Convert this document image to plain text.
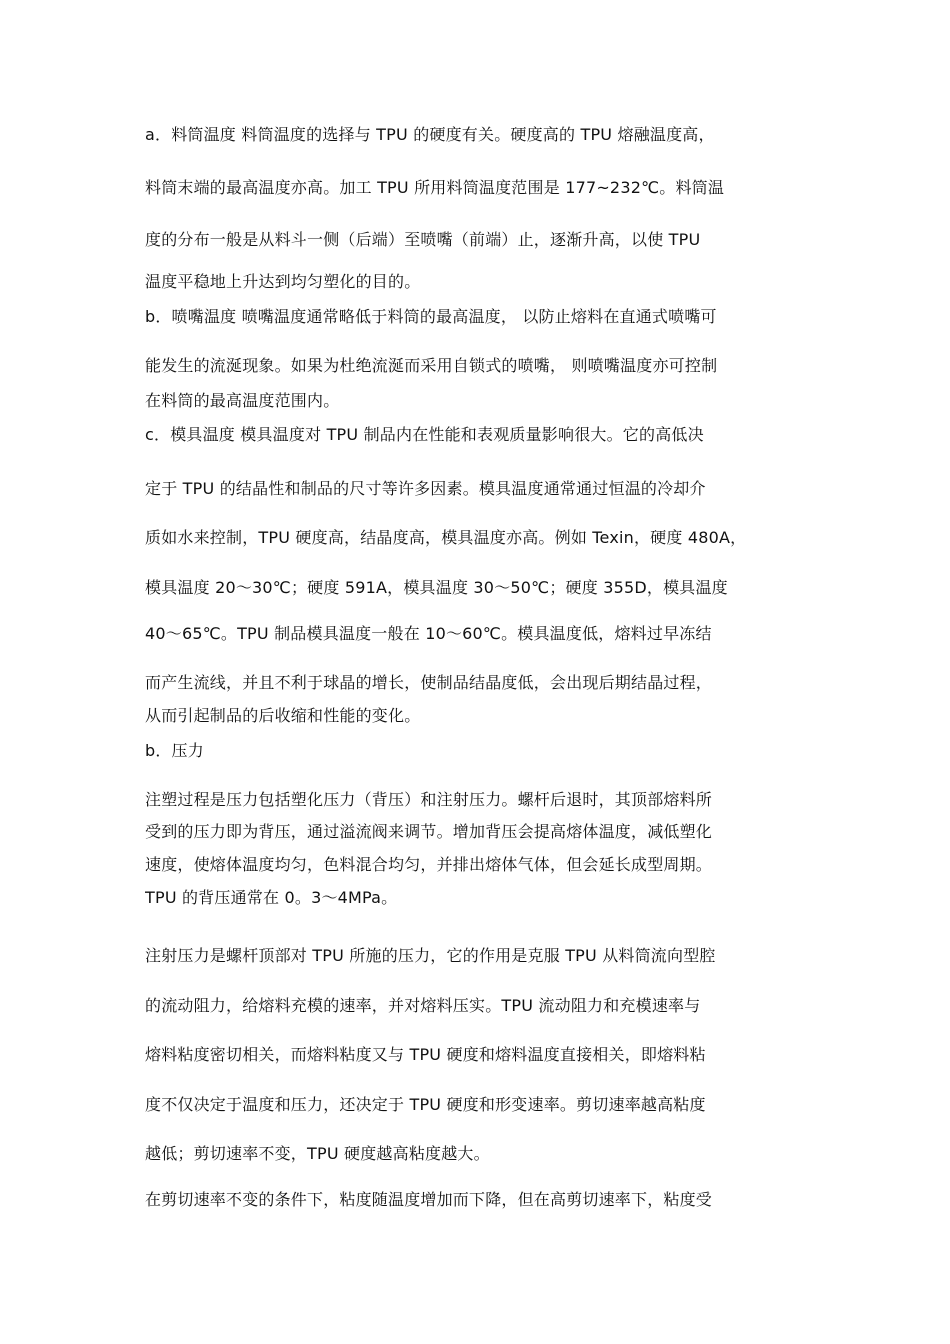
a．料筒温度 料筒温度的选择与 TPU 的硬度有关。硬度高的 TPU 熔融温度高，
料筒末端的最高温度亦高。加工 TPU 所用料筒温度范围是 177~232℃。料筒温
度的分布一般是从料斗一侧（后端）至喷嘴（前端）止，逐渐升高，以使 TPU
温度平稳地上升达到均匀塑化的目的。
b．喷嘴温度 喷嘴温度通常略低于料筒的最高温度， 以防止熔料在直通式喷嘴可
能发生的流涎现象。如果为杜绝流涎而采用自锁式的喷嘴， 则喷嘴温度亦可控制
在料筒的最高温度范围内。
c．模具温度 模具温度对 TPU 制品内在性能和表观质量影响很大。它的高低决
定于 TPU 的结晶性和制品的尺寸等许多因素。模具温度通常通过恒温的冷却介
质如水来控制，TPU 硬度高，结晶度高，模具温度亦高。例如 Texin，硬度 480A，
模具温度 20～30℃；硬度 591A，模具温度 30～50℃；硬度 355D，模具温度
40～65℃。TPU 制品模具温度一般在 10～60℃。模具温度低，熔料过早冻结
而产生流线，并且不利于球晶的增长，使制品结晶度低，会出现后期结晶过程，
从而引起制品的后收缩和性能的变化。
b．压力
注塑过程是压力包括塑化压力（背压）和注射压力。螺杆后退时，其顶部熔料所
受到的压力即为背压，通过溢流阀来调节。增加背压会提高熔体温度，减低塑化
速度，使熔体温度均匀，色料混合均匀，并排出熔体气体，但会延长成型周期。
TPU 的背压通常在 0。3～4MPa。
注射压力是螺杆顶部对 TPU 所施的压力，它的作用是克服 TPU 从料筒流向型腔
的流动阻力，给熔料充模的速率，并对熔料压实。TPU 流动阻力和充模速率与
熔料粘度密切相关，而熔料粘度又与 TPU 硬度和熔料温度直接相关，即熔料粘
度不仅决定于温度和压力，还决定于 TPU 硬度和形变速率。剪切速率越高粘度
越低；剪切速率不变，TPU 硬度越高粘度越大。
在剪切速率不变的条件下，粘度随温度增加而下降，但在高剪切速率下，粘度受
